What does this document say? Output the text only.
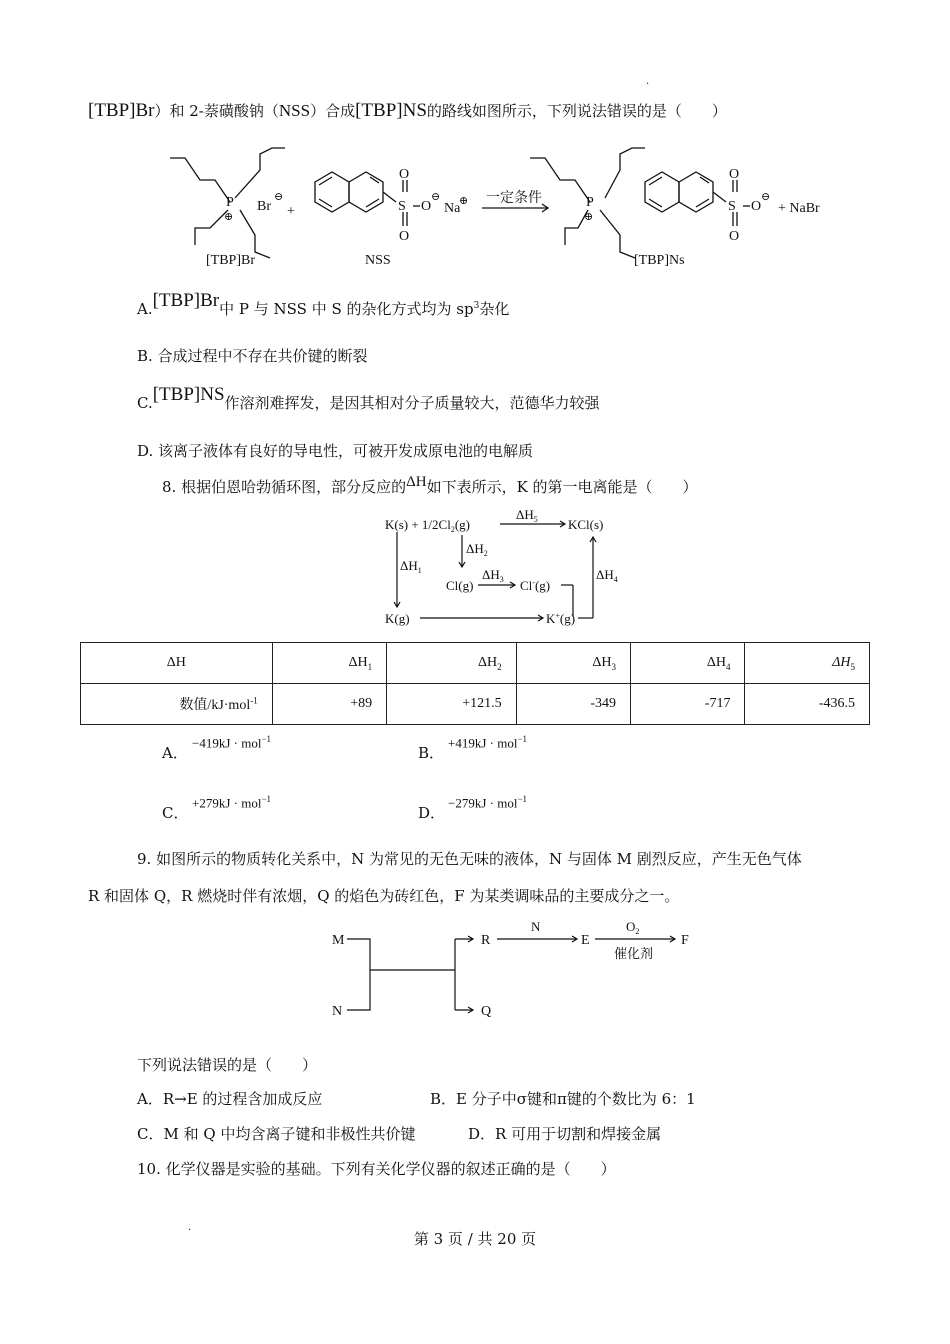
.
[TBP]Br）和 2-萘磺酸钠（NSS）合成[TBP]NS的路线如图所示，下列说法错误的是（　　）
P
⊕
Br
⊖
+	S
O
O
O
⊖
Na
⊕ 一定条件	P
⊕
S
O
O
O
⊖
+ NaBr
[TBP]Br	NSS	[TBP]Ns
A.[TBP]Br中 P 与 NSS 中 S 的杂化方式均为 $sp^3$杂化
B. 合成过程中不存在共价键的断裂
C.[TBP]NS作溶剂难挥发，是因其相对分子质量较大，范德华力较强
D. 该离子液体有良好的导电性，可被开发成原电池的电解质
8. 根据伯恩哈勃循环图，部分反应的ΔH如下表所示，K 的第一电离能是（　　）
$K(s) + 1/2Cl_2(g)$	KCl(s)
$\Delta H_5$
$\Delta H_1$
$\Delta H_2$
Cl(g)
$\Delta H_3$ Cl-(g)
$\Delta H_4$
K(g)	K+(g)
ΔH	$\Delta H_1$	$\Delta H_2$	$\Delta H_3$	$\Delta H_4$	$\Delta H_5$
数值/kJ·mol$^{-1}$	+89	+121.5	-349	-717	-436.5
A．
−419kJ · mol$^{-1}$
B．
+419kJ · mol$^{-1}$
C．
+279kJ · mol$^{-1}$
D．
−279kJ · mol$^{-1}$
9. 如图所示的物质转化关系中，N 为常见的无色无味的液体，N 与固体 M 剧烈反应，产生无色气体
R 和固体 Q，R 燃烧时伴有浓烟，Q 的焰色为砖红色，F 为某类调味品的主要成分之一。
M
N
R
Q
E	F
N	$O_2$
催化剂
下列说法错误的是（　　）
A．R→E 的过程含加成反应	B．E 分子中σ键和π键的个数比为 6：1
C．M 和 Q 中均含离子键和非极性共价键	D．R 可用于切割和焊接金属
10. 化学仪器是实验的基础。下列有关化学仪器的叙述正确的是（　　）
.
第 3 页 / 共 20 页
